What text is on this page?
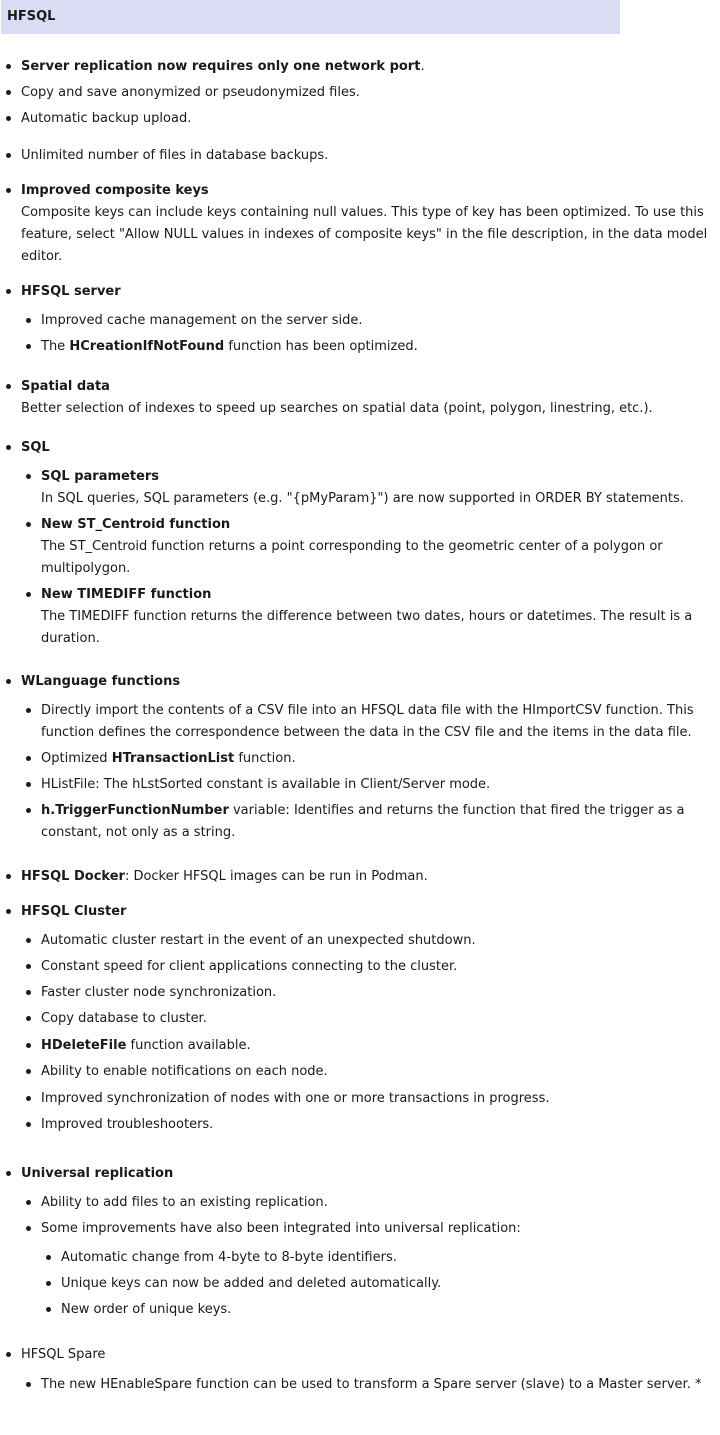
HFSQL
Server replication now requires only one network port.
Copy and save anonymized or pseudonymized files.
Automatic backup upload.
Unlimited number of files in database backups.
Improved composite keys
Composite keys can include keys containing null values. This type of key has been optimized. To use this
feature, select "Allow NULL values in indexes of composite keys" in the file description, in the data model
editor.
HFSQL server
Improved cache management on the server side.
The HCreationIfNotFound function has been optimized.
Spatial data
Better selection of indexes to speed up searches on spatial data (point, polygon, linestring, etc.).
SQL
SQL parameters
In SQL queries, SQL parameters (e.g. "{pMyParam}") are now supported in ORDER BY statements.
New ST_Centroid function
The ST_Centroid function returns a point corresponding to the geometric center of a polygon or
multipolygon.
New TIMEDIFF function
The TIMEDIFF function returns the difference between two dates, hours or datetimes. The result is a
duration.
WLanguage functions
Directly import the contents of a CSV file into an HFSQL data file with the HImportCSV function. This
function defines the correspondence between the data in the CSV file and the items in the data file.
Optimized HTransactionList function.
HListFile: The hLstSorted constant is available in Client/Server mode.
h.TriggerFunctionNumber variable: Identifies and returns the function that fired the trigger as a
constant, not only as a string.
HFSQL Docker: Docker HFSQL images can be run in Podman.
HFSQL Cluster
Automatic cluster restart in the event of an unexpected shutdown.
Constant speed for client applications connecting to the cluster.
Faster cluster node synchronization.
Copy database to cluster.
HDeleteFile function available.
Ability to enable notifications on each node.
Improved synchronization of nodes with one or more transactions in progress.
Improved troubleshooters.
Universal replication
Ability to add files to an existing replication.
Some improvements have also been integrated into universal replication:
Automatic change from 4-byte to 8-byte identifiers.
Unique keys can now be added and deleted automatically.
New order of unique keys.
HFSQL Spare
The new HEnableSpare function can be used to transform a Spare server (slave) to a Master server. *
